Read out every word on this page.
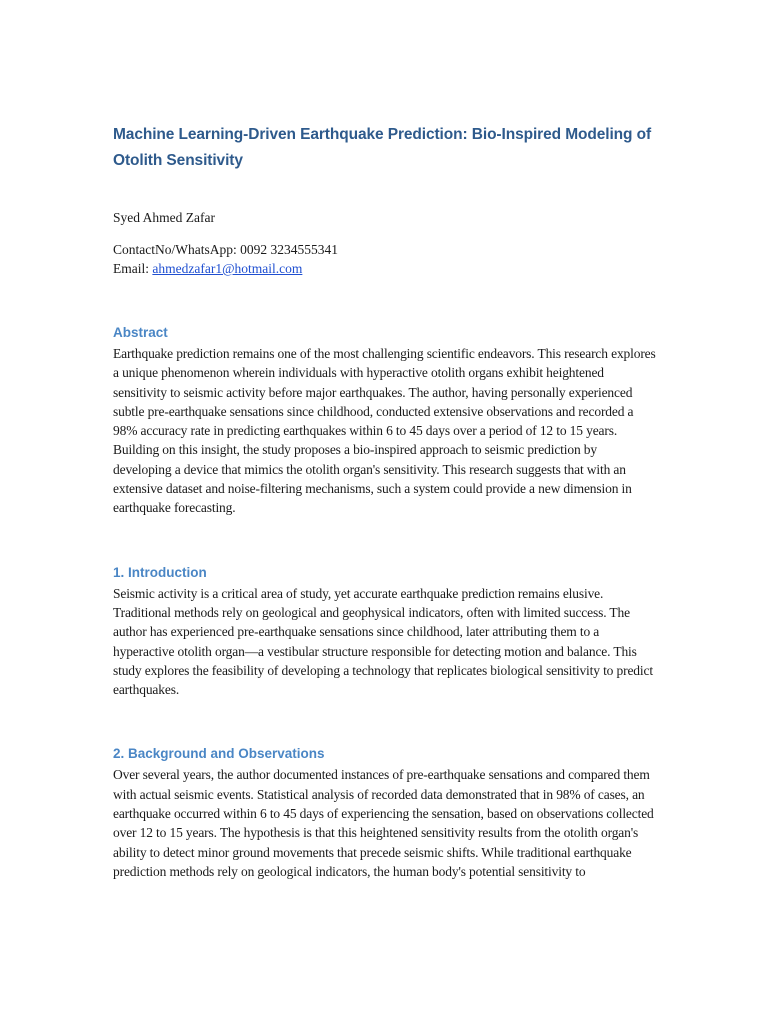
Machine Learning-Driven Earthquake Prediction: Bio-Inspired Modeling of Otolith Sensitivity

Syed Ahmed Zafar

ContactNo/WhatsApp: 0092 3234555341
Email: ahmedzafar1@hotmail.com

Abstract

Earthquake prediction remains one of the most challenging scientific endeavors. This research explores a unique phenomenon wherein individuals with hyperactive otolith organs exhibit heightened sensitivity to seismic activity before major earthquakes. The author, having personally experienced subtle pre-earthquake sensations since childhood, conducted extensive observations and recorded a 98% accuracy rate in predicting earthquakes within 6 to 45 days over a period of 12 to 15 years. Building on this insight, the study proposes a bio-inspired approach to seismic prediction by developing a device that mimics the otolith organ's sensitivity. This research suggests that with an extensive dataset and noise-filtering mechanisms, such a system could provide a new dimension in earthquake forecasting.

1. Introduction

Seismic activity is a critical area of study, yet accurate earthquake prediction remains elusive. Traditional methods rely on geological and geophysical indicators, often with limited success. The author has experienced pre-earthquake sensations since childhood, later attributing them to a hyperactive otolith organ—a vestibular structure responsible for detecting motion and balance. This study explores the feasibility of developing a technology that replicates biological sensitivity to predict earthquakes.

2. Background and Observations

Over several years, the author documented instances of pre-earthquake sensations and compared them with actual seismic events. Statistical analysis of recorded data demonstrated that in 98% of cases, an earthquake occurred within 6 to 45 days of experiencing the sensation, based on observations collected over 12 to 15 years. The hypothesis is that this heightened sensitivity results from the otolith organ's ability to detect minor ground movements that precede seismic shifts. While traditional earthquake prediction methods rely on geological indicators, the human body's potential sensitivity to
